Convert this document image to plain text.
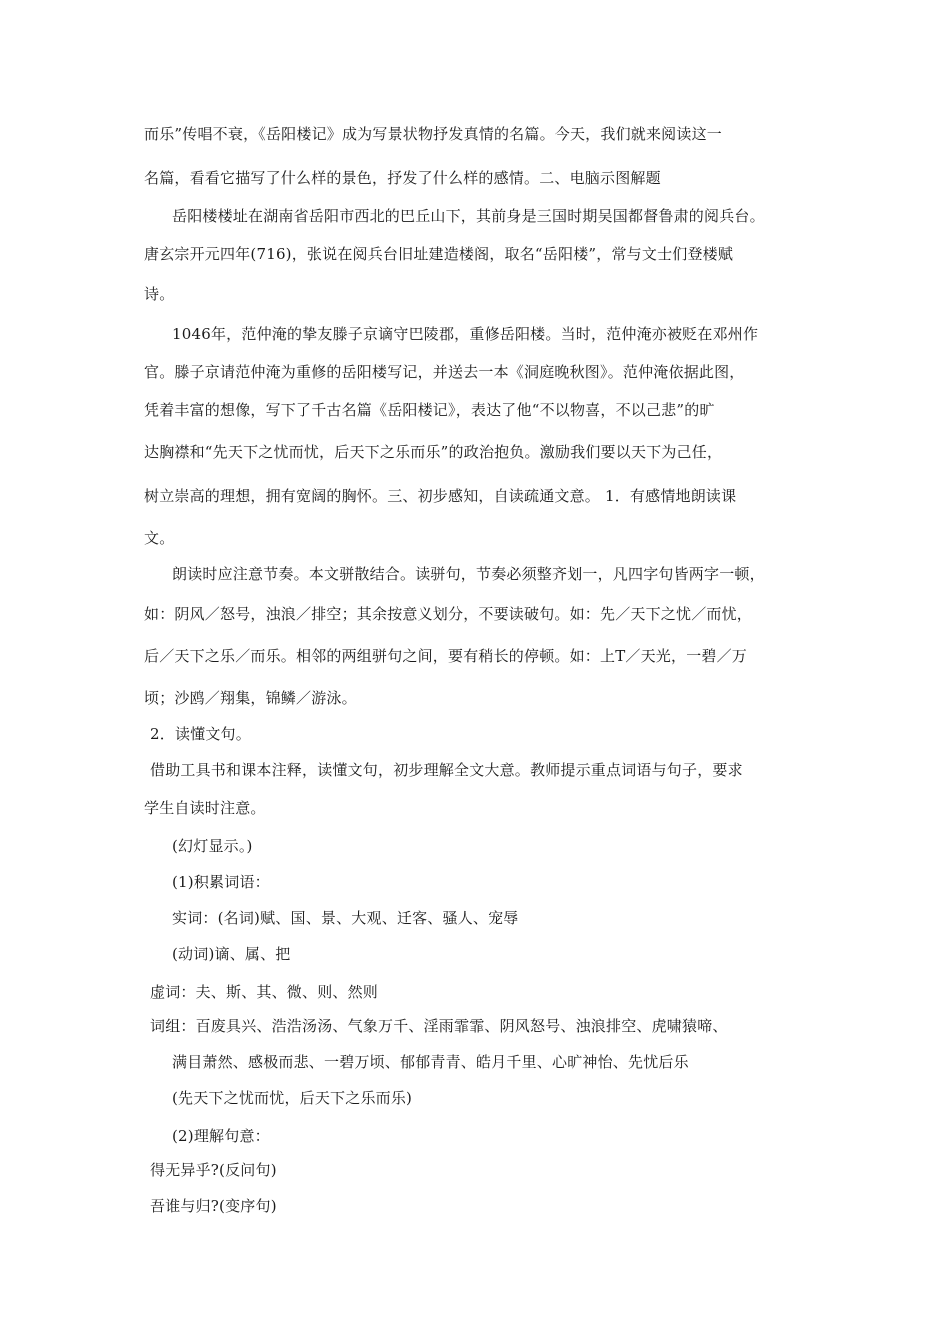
而乐”传唱不衰，《岳阳楼记》成为写景状物抒发真情的名篇。今天，我们就来阅读这一
名篇，看看它描写了什么样的景色，抒发了什么样的感情。二、电脑示图解题
岳阳楼楼址在湖南省岳阳市西北的巴丘山下，其前身是三国时期吴国都督鲁肃的阅兵台。
唐玄宗开元四年(716)，张说在阅兵台旧址建造楼阁，取名“岳阳楼”，常与文士们登楼赋
诗。
1046年，范仲淹的挚友滕子京谪守巴陵郡，重修岳阳楼。当时，范仲淹亦被贬在邓州作
官。滕子京请范仲淹为重修的岳阳楼写记，并送去一本《洞庭晚秋图》。范仲淹依据此图，
凭着丰富的想像，写下了千古名篇《岳阳楼记》，表达了他“不以物喜，不以己悲”的旷
达胸襟和“先天下之忧而忧，后天下之乐而乐”的政治抱负。激励我们要以天下为己任，
树立崇高的理想，拥有宽阔的胸怀。三、初步感知，自读疏通文意。 1．有感情地朗读课
文。
朗读时应注意节奏。本文骈散结合。读骈句，节奏必须整齐划一，凡四字句皆两字一顿，
如：阴风／怒号，浊浪／排空；其余按意义划分，不要读破句。如：先／天下之忧／而忧，
后／天下之乐／而乐。相邻的两组骈句之间，要有稍长的停顿。如：上T／天光，一碧／万
顷；沙鸥／翔集，锦鳞／游泳。
2．读懂文句。
借助工具书和课本注释，读懂文句，初步理解全文大意。教师提示重点词语与句子，要求
学生自读时注意。
(幻灯显示。)
(1)积累词语：
实词：(名词)赋、国、景、大观、迁客、骚人、宠辱
(动词)谪、属、把
虚词：夫、斯、其、微、则、然则
词组：百废具兴、浩浩汤汤、气象万千、淫雨霏霏、阴风怒号、浊浪排空、虎啸猿啼、
满目萧然、感极而悲、一碧万顷、郁郁青青、皓月千里、心旷神怡、先忧后乐
(先天下之忧而忧，后天下之乐而乐)
(2)理解句意：
得无异乎?(反问句)
吾谁与归?(变序句)
